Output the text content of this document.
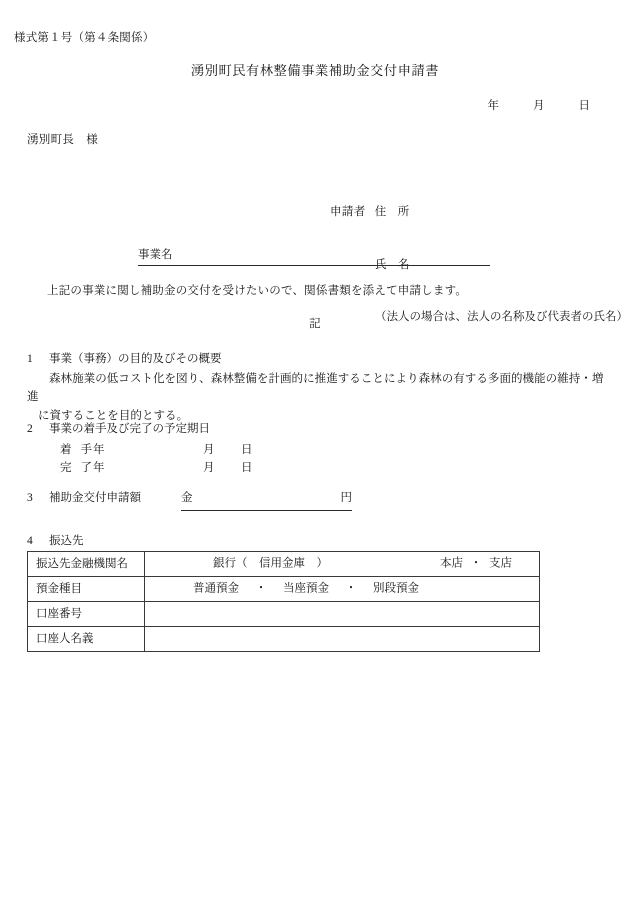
様式第１号（第４条関係）
湧別町民有林整備事業補助金交付申請書
年	月	日
湧別町長 様

申請者 住　所

氏　名

（法人の場合は、法人の名称及び代表者の氏名）

事業名
上記の事業に関し補助金の交付を受けたいので、関係書類を添えて申請します。
記
1 事業（事務）の目的及びその概要
森林施業の低コスト化を図り、森林整備を計画的に推進することにより森林の有する多面的機能の維持・増進
に資することを目的とする。
2 事業の着手及び完了の予定期日
着 手年	月 日
完 了年	月 日
3 補助金交付申請額	金	円
4 振込先
振込先金融機関名	銀行（　信用金庫　） 本店 ・ 支店

預金種目	普通預金 ・ 当座預金 ・ 別段預金

口座番号	
口座人名義	
